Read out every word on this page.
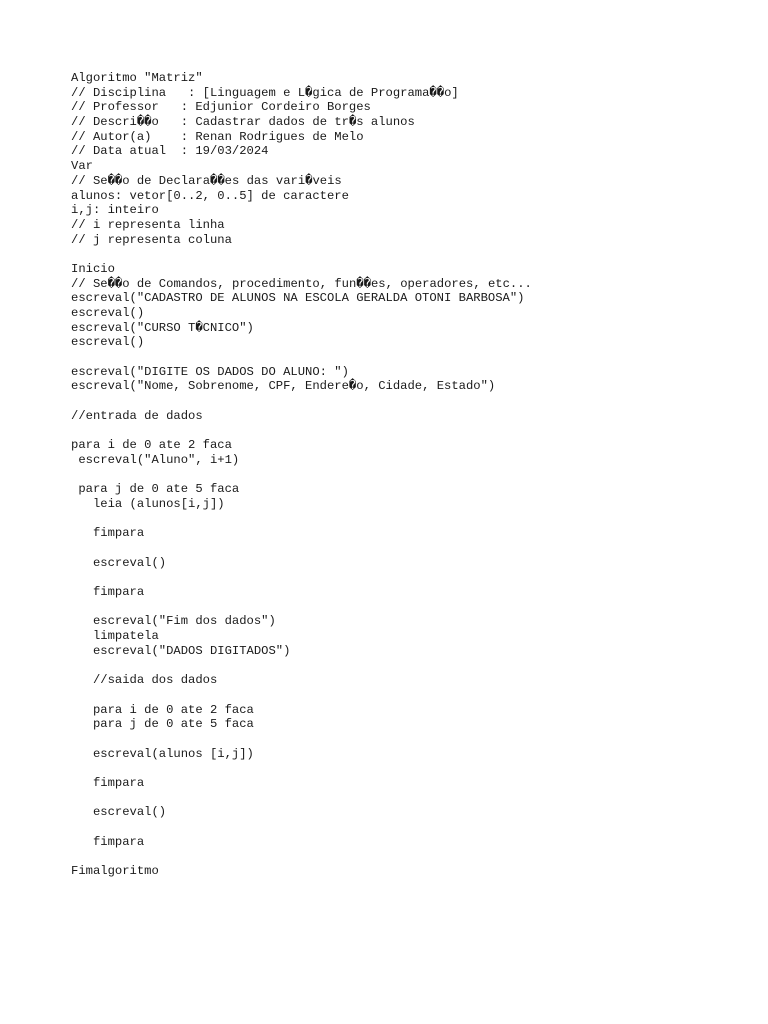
Algoritmo "Matriz"
// Disciplina   : [Linguagem e L�gica de Programa��o]
// Professor   : Edjunior Cordeiro Borges
// Descri��o   : Cadastrar dados de tr�s alunos
// Autor(a)    : Renan Rodrigues de Melo
// Data atual  : 19/03/2024
Var
// Se��o de Declara��es das vari�veis
alunos: vetor[0..2, 0..5] de caractere
i,j: inteiro
// i representa linha
// j representa coluna
Inicio
// Se��o de Comandos, procedimento, fun��es, operadores, etc...
escreval("CADASTRO DE ALUNOS NA ESCOLA GERALDA OTONI BARBOSA")
escreval()
escreval("CURSO T�CNICO")
escreval()
escreval("DIGITE OS DADOS DO ALUNO: ")
escreval("Nome, Sobrenome, CPF, Endere�o, Cidade, Estado")
//entrada de dados
para i de 0 ate 2 faca
escreval("Aluno", i+1)
para j de 0 ate 5 faca
leia (alunos[i,j])
fimpara
escreval()
fimpara
escreval("Fim dos dados")
limpatela
escreval("DADOS DIGITADOS")
//saida dos dados
para i de 0 ate 2 faca
para j de 0 ate 5 faca
escreval(alunos [i,j])
fimpara
escreval()
fimpara
Fimalgoritmo
